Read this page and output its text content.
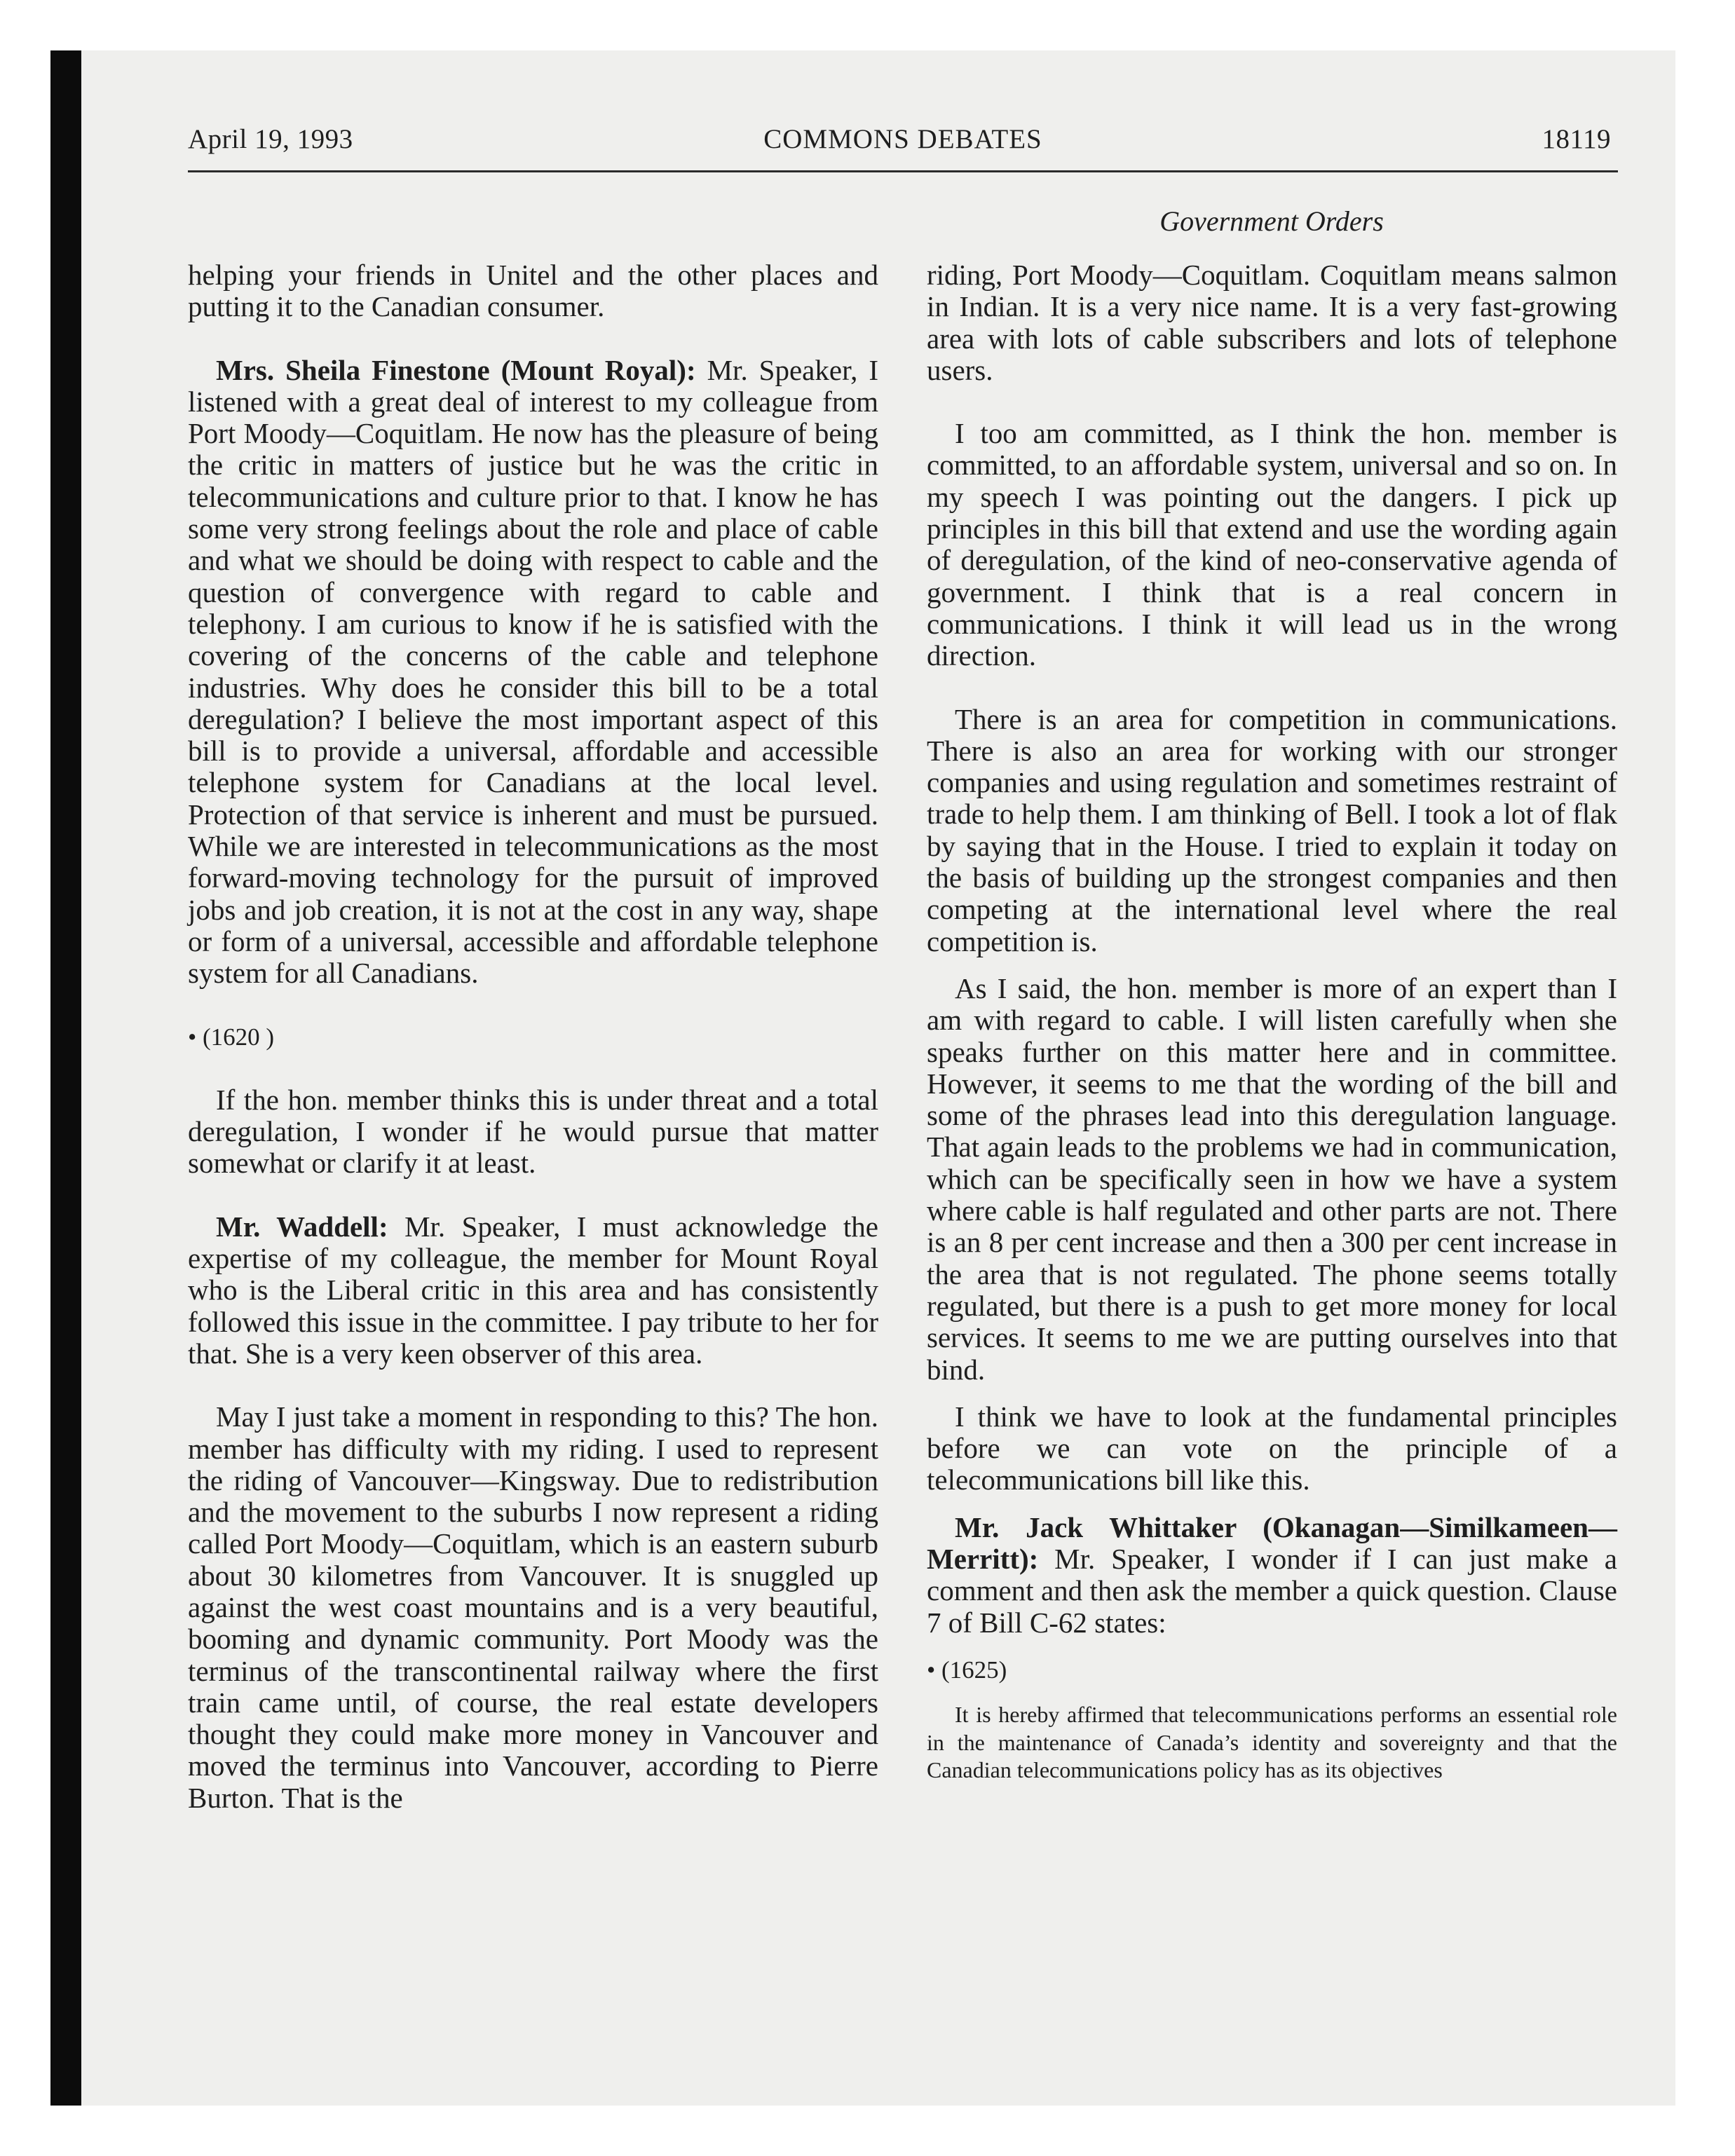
April 19, 1993	COMMONS DEBATES	18119
Government Orders

helping your friends in Unitel and the other places and putting it to the Canadian consumer.

Mrs. Sheila Finestone (Mount Royal): Mr. Speaker, I listened with a great deal of interest to my colleague from Port Moody—Coquitlam. He now has the pleasure of being the critic in matters of justice but he was the critic in telecommunications and culture prior to that. I know he has some very strong feelings about the role and place of cable and what we should be doing with respect to cable and the question of convergence with regard to cable and telephony. I am curious to know if he is satisfied with the covering of the concerns of the cable and telephone industries. Why does he consider this bill to be a total deregulation? I believe the most important aspect of this bill is to provide a universal, affordable and accessible telephone system for Canadians at the local level. Protection of that service is inherent and must be pursued. While we are interested in telecommunications as the most forward-moving technology for the pursuit of improved jobs and job creation, it is not at the cost in any way, shape or form of a universal, accessible and affordable telephone system for all Canadians.

• (1620 )

If the hon. member thinks this is under threat and a total deregulation, I wonder if he would pursue that matter somewhat or clarify it at least.

Mr. Waddell: Mr. Speaker, I must acknowledge the expertise of my colleague, the member for Mount Royal who is the Liberal critic in this area and has consistently followed this issue in the committee. I pay tribute to her for that. She is a very keen observer of this area.

May I just take a moment in responding to this? The hon. member has difficulty with my riding. I used to represent the riding of Vancouver—Kingsway. Due to redistribution and the movement to the suburbs I now represent a riding called Port Moody—Coquitlam, which is an eastern suburb about 30 kilometres from Vancouver. It is snuggled up against the west coast mountains and is a very beautiful, booming and dynamic community. Port Moody was the terminus of the transcontinental railway where the first train came until, of course, the real estate developers thought they could make more money in Vancouver and moved the terminus into Vancouver, according to Pierre Burton. That is the

riding, Port Moody—Coquitlam. Coquitlam means salmon in Indian. It is a very nice name. It is a very fast-growing area with lots of cable subscribers and lots of telephone users.

I too am committed, as I think the hon. member is committed, to an affordable system, universal and so on. In my speech I was pointing out the dangers. I pick up principles in this bill that extend and use the wording again of deregulation, of the kind of neo-conservative agenda of government. I think that is a real concern in communications. I think it will lead us in the wrong direction.

There is an area for competition in communications. There is also an area for working with our stronger companies and using regulation and sometimes restraint of trade to help them. I am thinking of Bell. I took a lot of flak by saying that in the House. I tried to explain it today on the basis of building up the strongest companies and then competing at the international level where the real competition is.

As I said, the hon. member is more of an expert than I am with regard to cable. I will listen carefully when she speaks further on this matter here and in committee. However, it seems to me that the wording of the bill and some of the phrases lead into this deregulation language. That again leads to the problems we had in communication, which can be specifically seen in how we have a system where cable is half regulated and other parts are not. There is an 8 per cent increase and then a 300 per cent increase in the area that is not regulated. The phone seems totally regulated, but there is a push to get more money for local services. It seems to me we are putting ourselves into that bind.

I think we have to look at the fundamental principles before we can vote on the principle of a telecommunications bill like this.

Mr. Jack Whittaker (Okanagan—Similkameen—Merritt): Mr. Speaker, I wonder if I can just make a comment and then ask the member a quick question. Clause 7 of Bill C-62 states:

• (1625)

It is hereby affirmed that telecommunications performs an essential role in the maintenance of Canada’s identity and sovereignty and that the Canadian telecommunications policy has as its objectives
